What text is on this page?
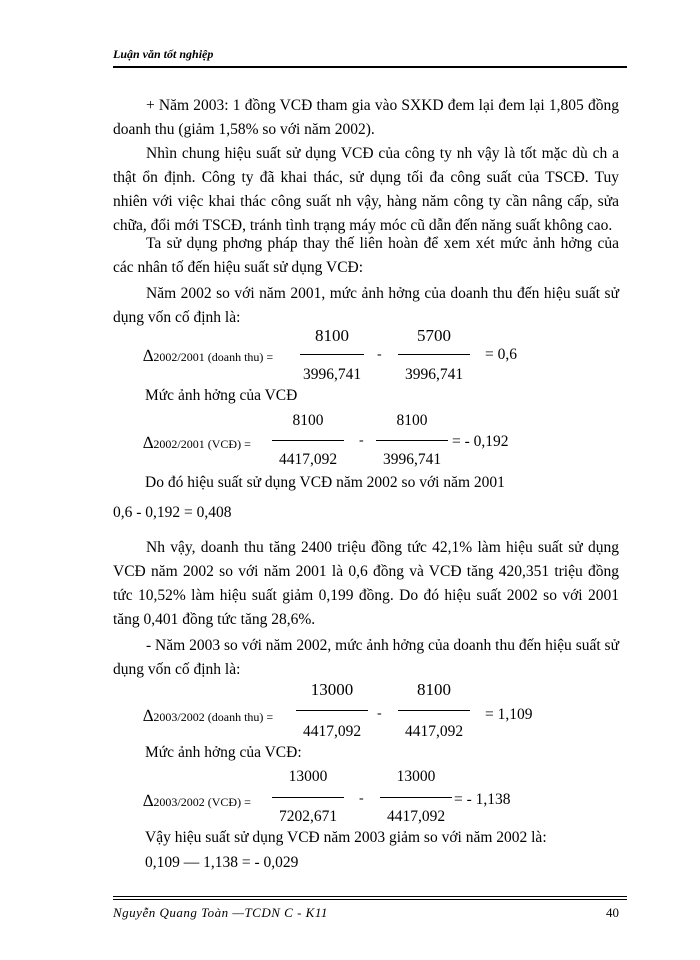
Luận văn tốt nghiệp
+ Năm 2003: 1 đồng VCĐ tham gia vào SXKD đem lại đem lại 1,805 đồng doanh thu (giảm 1,58% so với năm 2002).
Nhìn chung hiệu suất sử dụng VCĐ của công ty nh vậy là tốt mặc dù ch a thật ổn định. Công ty đã khai thác, sử dụng tối đa công suất của TSCĐ. Tuy nhiên với việc khai thác công suất nh vậy, hàng năm công ty cần nâng cấp, sửa chữa, đổi mới TSCĐ, tránh tình trạng máy móc cũ dẫn đến năng suất không cao.
Ta sử dụng phơng pháp thay thế liên hoàn để xem xét mức ảnh hởng của các nhân tố đến hiệu suất sử dụng VCĐ:
Năm 2002 so với năm 2001, mức ảnh hởng của doanh thu đến hiệu suất sử dụng vốn cố định là:
∆2002/2001 (doanh thu) =
8100
3996,741
-
5700
3996,741
= 0,6
Mức ảnh hởng của VCĐ
∆2002/2001 (VCĐ) =
8100
4417,092
-
8100
3996,741
= - 0,192
Do đó hiệu suất sử dụng VCĐ năm 2002 so với năm 2001
0,6 - 0,192 = 0,408
Nh vậy, doanh thu tăng 2400 triệu đồng tức 42,1% làm hiệu suất sử dụng VCĐ năm 2002 so với năm 2001 là 0,6 đồng và VCĐ tăng 420,351 triệu đồng tức 10,52% làm hiệu suất giảm 0,199 đồng. Do đó hiệu suất 2002 so với 2001 tăng 0,401 đồng tức tăng 28,6%.
- Năm 2003 so với năm 2002, mức ảnh hởng của doanh thu đến hiệu suất sử dụng vốn cố định là:
∆2003/2002 (doanh thu) =
13000
4417,092
-
8100
4417,092
= 1,109
Mức ảnh hởng của VCĐ:
∆2003/2002 (VCĐ) =
13000
7202,671
-
13000
4417,092
= - 1,138
Vậy hiệu suất sử dụng VCĐ năm 2003 giảm so với năm 2002 là:
0,109 — 1,138 = - 0,029
Nguyễn Quang Toàn —TCDN C - K11	40
